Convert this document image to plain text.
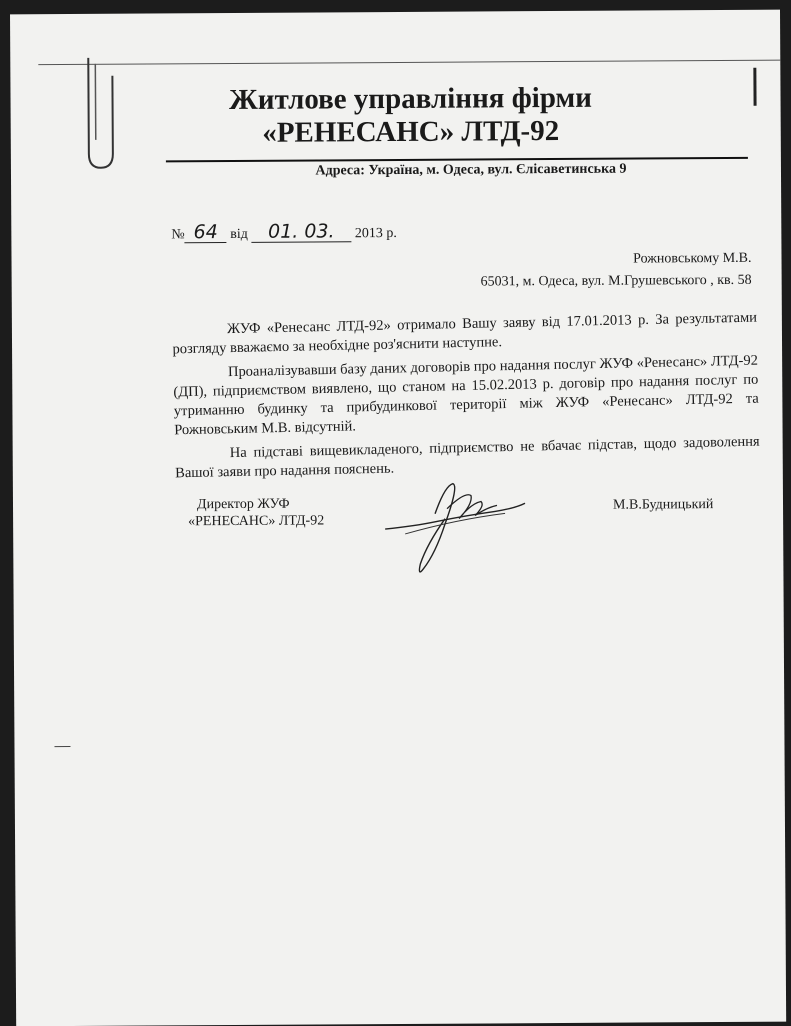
Житлове управління фірми
«РЕНЕСАНС» ЛТД-92
Адреса: Україна, м. Одеса, вул. Єлісаветинська 9
№ 64 від 01. 03. 2013 р.
Рожновському М.В.
65031, м. Одеса, вул. М.Грушевського , кв. 58

ЖУФ «Ренесанс ЛТД-92» отримало Вашу заяву від 17.01.2013 р. За результатами розгляду вважаємо за необхідне роз'яснити наступне.

Проаналізувавши базу даних договорів про надання послуг ЖУФ «Ренесанс» ЛТД-92 (ДП), підприємством виявлено, що станом на 15.02.2013 р. договір про надання послуг по утриманню будинку та прибудинкової території між ЖУФ «Ренесанс» ЛТД-92 та Рожновським М.В. відсутній.

На підставі вищевикладеного, підприємство не вбачає підстав, щодо задоволення Вашої заяви про надання пояснень.

Директор ЖУФ
«РЕНЕСАНС» ЛТД-92
М.В.Будницький
